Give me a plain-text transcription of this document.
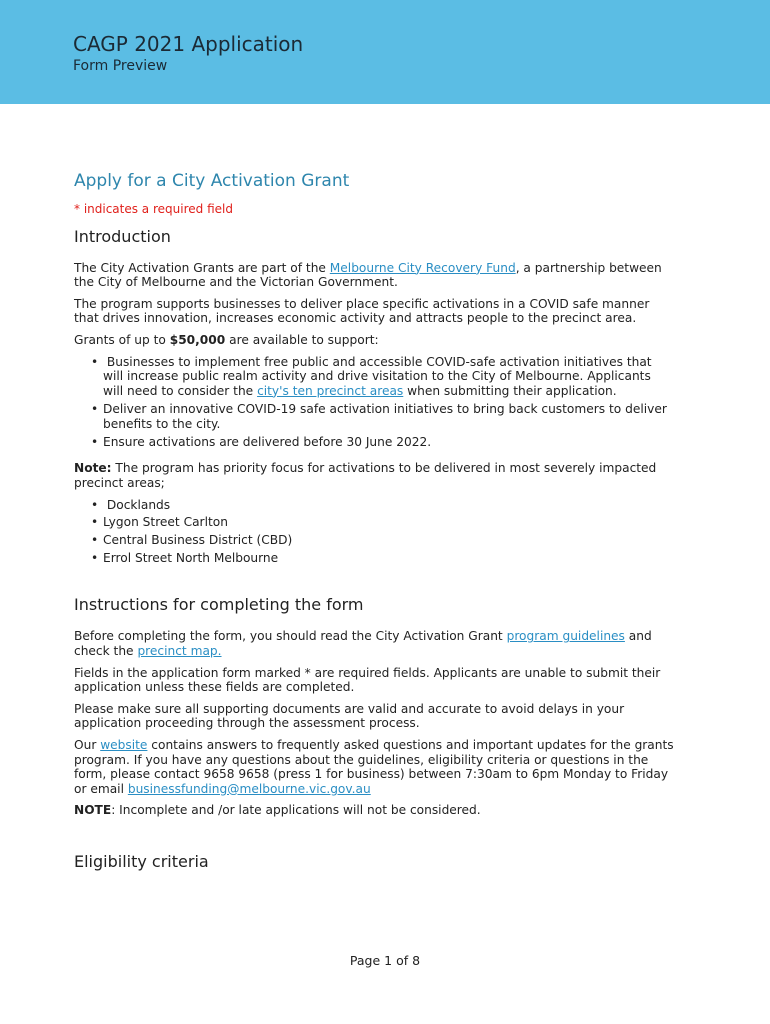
CAGP 2021 Application
Form Preview
Apply for a City Activation Grant
* indicates a required field
Introduction

The City Activation Grants are part of the Melbourne City Recovery Fund, a partnership between the City of Melbourne and the Victorian Government.

The program supports businesses to deliver place specific activations in a COVID safe manner that drives innovation, increases economic activity and attracts people to the precinct area.

Grants of up to $50,000 are available to support:

• Businesses to implement free public and accessible COVID-safe activation initiatives that will increase public realm activity and drive visitation to the City of Melbourne. Applicants will need to consider the city's ten precinct areas when submitting their application.
• Deliver an innovative COVID-19 safe activation initiatives to bring back customers to deliver benefits to the city.
• Ensure activations are delivered before 30 June 2022.

Note: The program has priority focus for activations to be delivered in most severely impacted precinct areas;

• Docklands
• Lygon Street Carlton
• Central Business District (CBD)
• Errol Street North Melbourne
Instructions for completing the form

Before completing the form, you should read the City Activation Grant program guidelines and check the precinct map.

Fields in the application form marked * are required fields. Applicants are unable to submit their application unless these fields are completed.

Please make sure all supporting documents are valid and accurate to avoid delays in your application proceeding through the assessment process.

Our website contains answers to frequently asked questions and important updates for the grants program. If you have any questions about the guidelines, eligibility criteria or questions in the form, please contact 9658 9658 (press 1 for business) between 7:30am to 6pm Monday to Friday or email businessfunding@melbourne.vic.gov.au

NOTE: Incomplete and /or late applications will not be considered.

Eligibility criteria
Page 1 of 8
